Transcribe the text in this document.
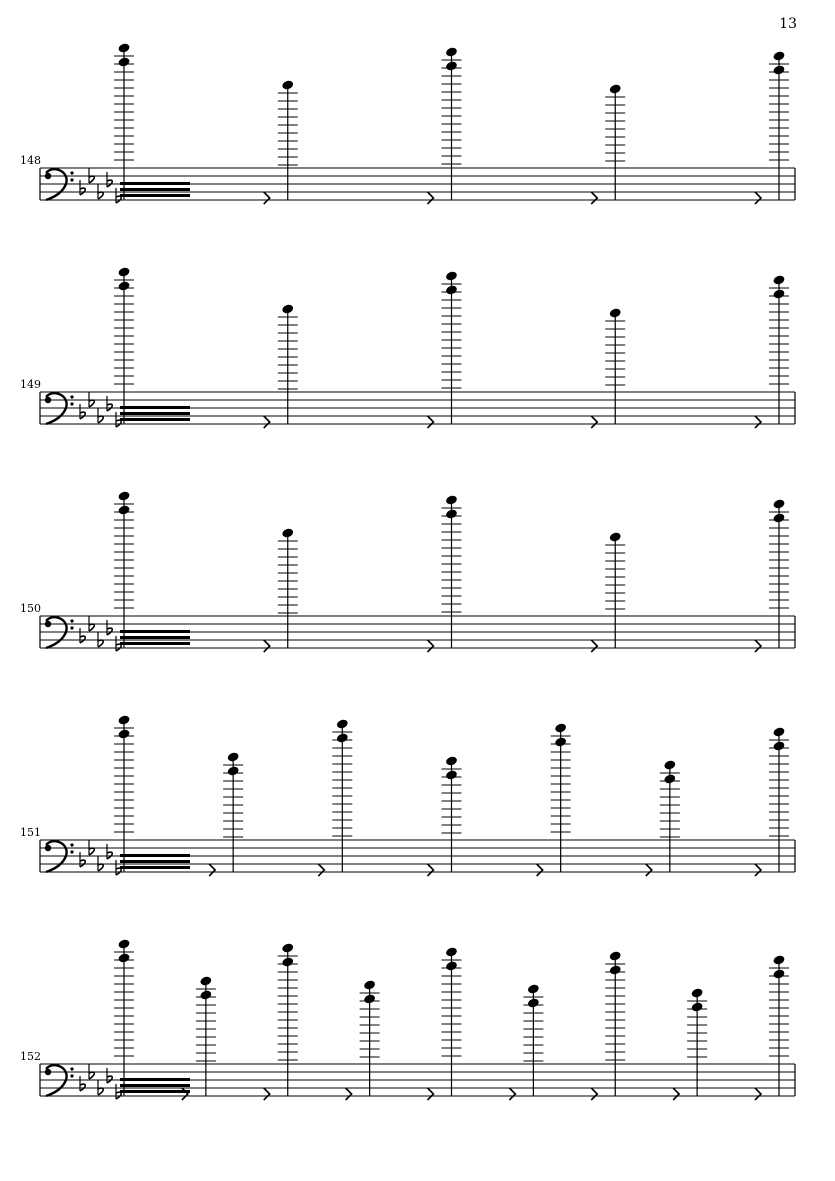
13
148
149
150
151
152
